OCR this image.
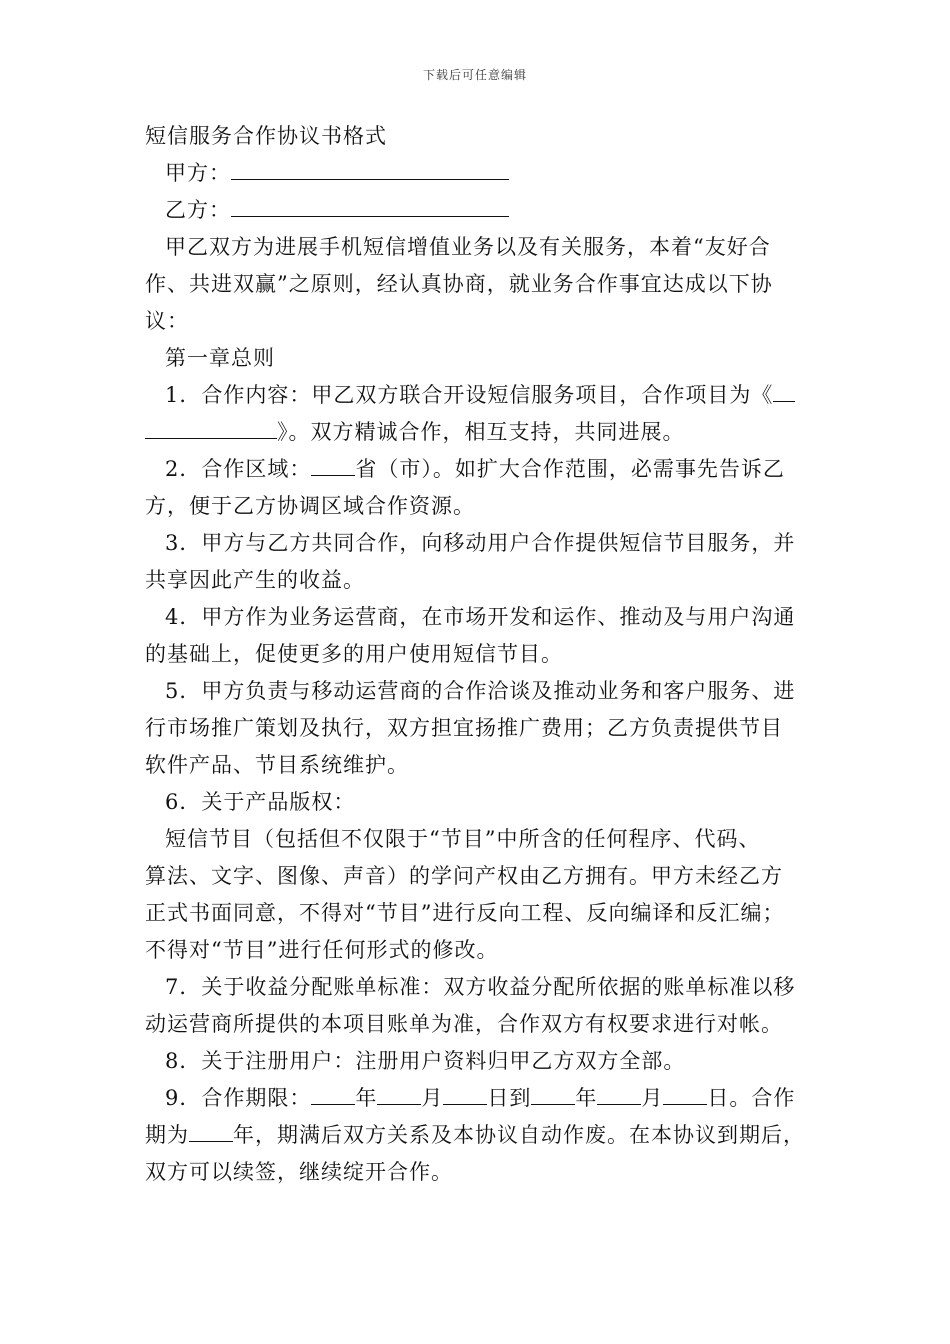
下载后可任意编辑
短信服务合作协议书格式
甲方：
乙方：
甲乙双方为进展手机短信增值业务以及有关服务，本着“友好合
作、共进双赢”之原则，经认真协商，就业务合作事宜达成以下协
议：
第一章总则
1．合作内容：甲乙双方联合开设短信服务项目，合作项目为《
》。双方精诚合作，相互支持，共同进展。
2．合作区域： 省（市）。如扩大合作范围，必需事先告诉乙
方，便于乙方协调区域合作资源。
3．甲方与乙方共同合作，向移动用户合作提供短信节目服务，并
共享因此产生的收益。
4．甲方作为业务运营商，在市场开发和运作、推动及与用户沟通
的基础上，促使更多的用户使用短信节目。
5．甲方负责与移动运营商的合作洽谈及推动业务和客户服务、进
行市场推广策划及执行，双方担宜扬推广费用；乙方负责提供节目
软件产品、节目系统维护。
6．关于产品版权：
短信节目（包括但不仅限于“节目”中所含的任何程序、代码、
算法、文字、图像、声音）的学问产权由乙方拥有。甲方未经乙方
正式书面同意，不得对“节目”进行反向工程、反向编译和反汇编；
不得对“节目”进行任何形式的修改。
7．关于收益分配账单标准：双方收益分配所依据的账单标准以移
动运营商所提供的本项目账单为准，合作双方有权要求进行对帐。
8．关于注册用户：注册用户资料归甲乙方双方全部。
9．合作期限： 年 月 日到 年 月 日。合作
期为 年，期满后双方关系及本协议自动作废。在本协议到期后，
双方可以续签，继续绽开合作。
